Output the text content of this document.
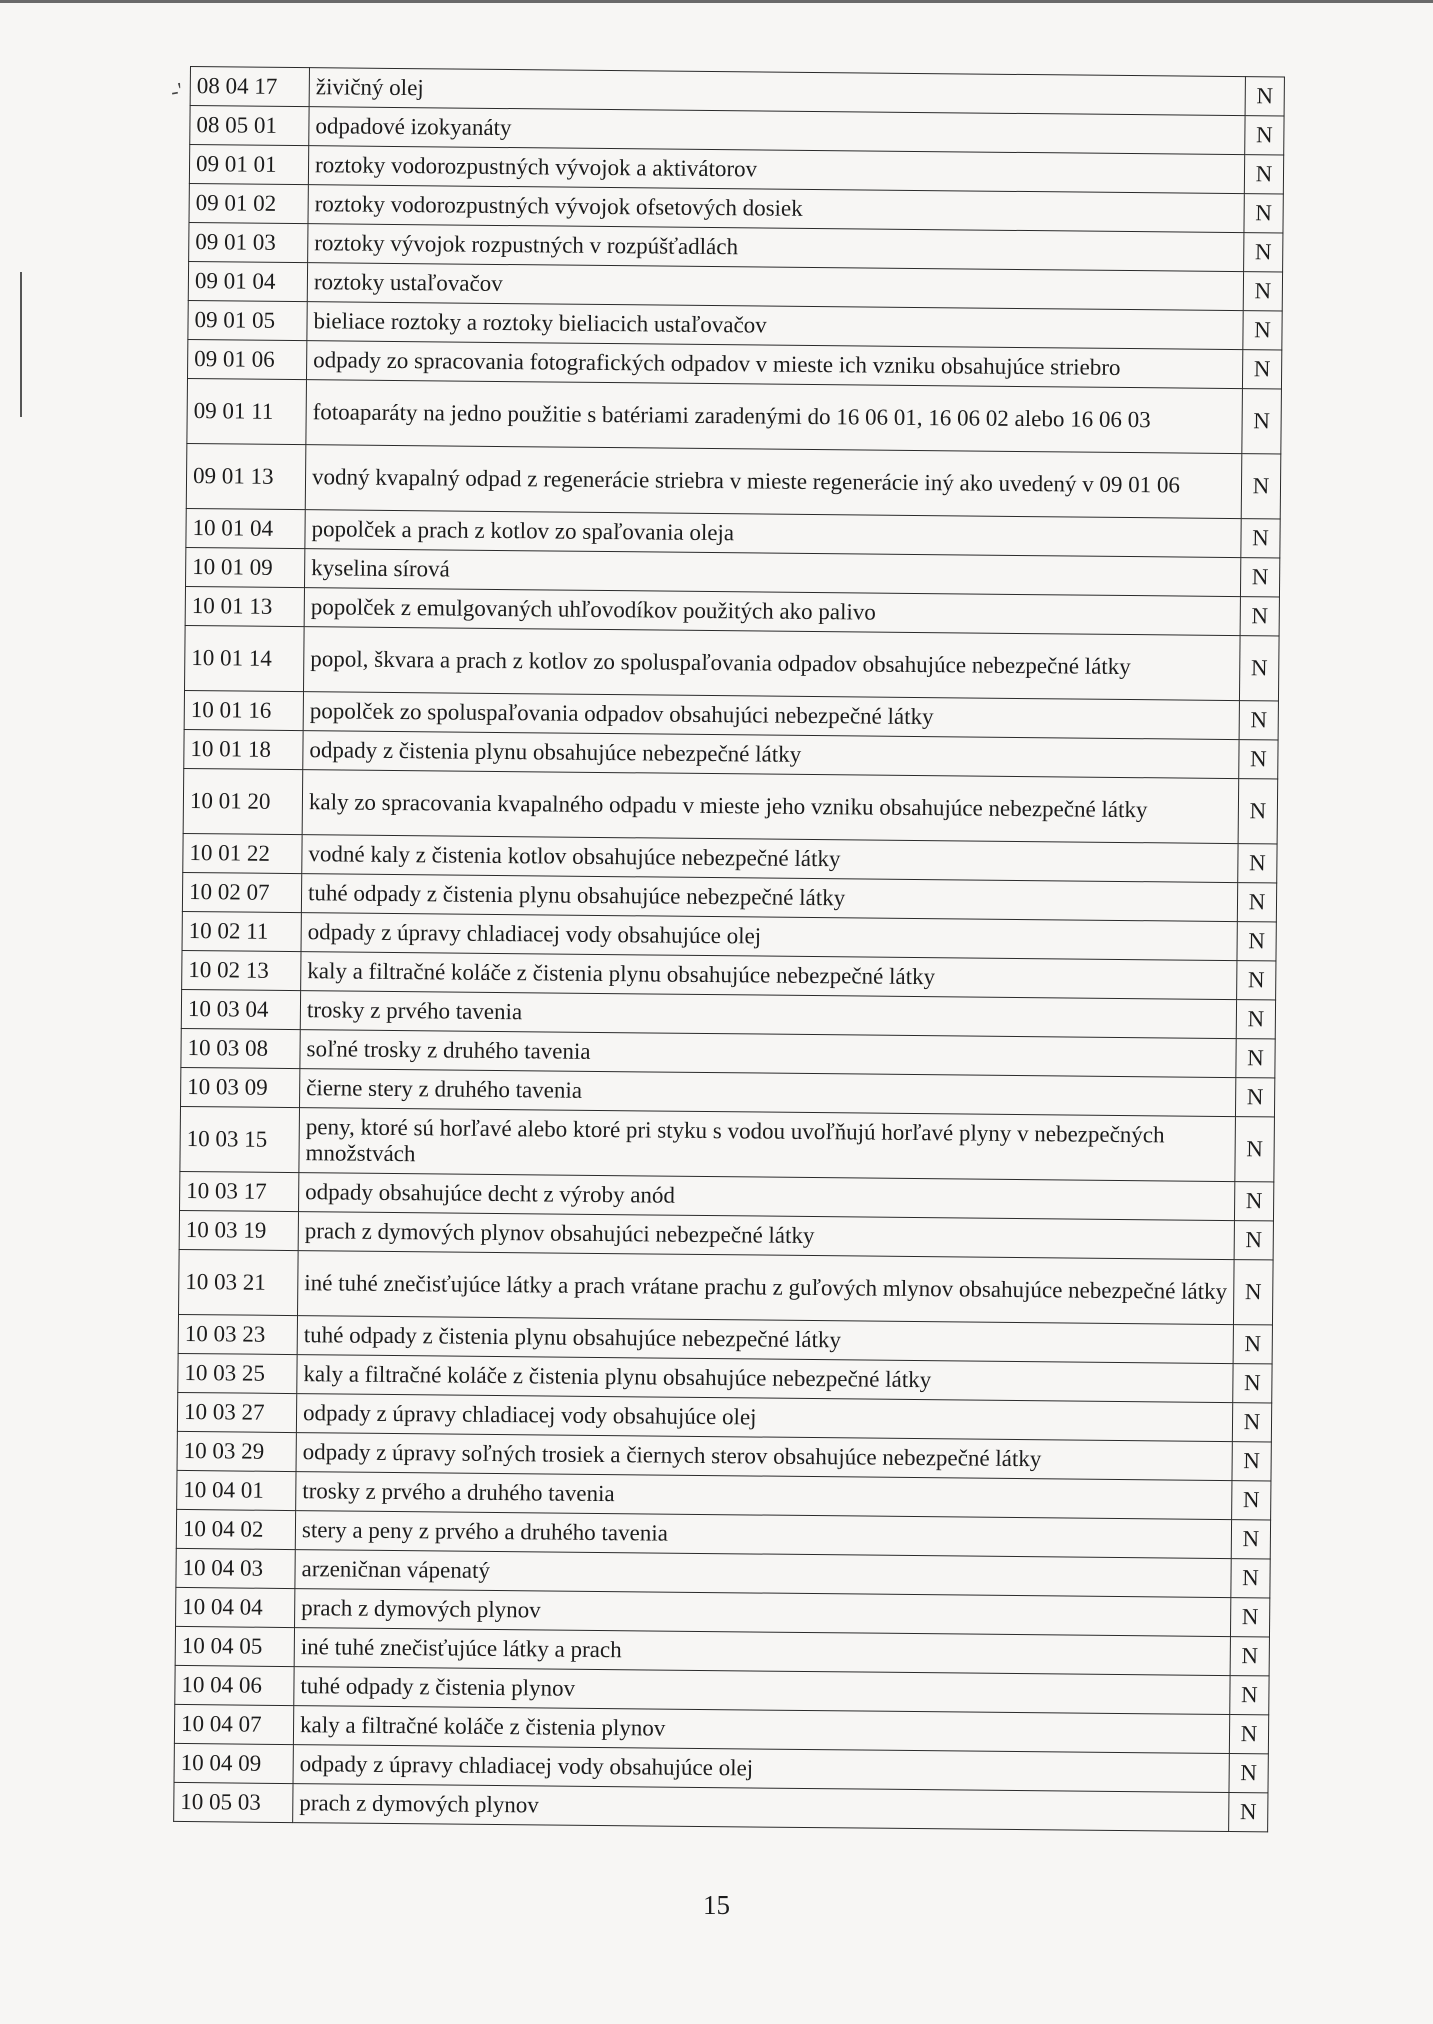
-' 08 04 17	živičný olej	N
08 05 01	odpadové izokyanáty	N
09 01 01	roztoky vodorozpustných vývojok a aktivátorov	N
09 01 02	roztoky vodorozpustných vývojok ofsetových dosiek	N
09 01 03	roztoky vývojok rozpustných v rozpúšťadlách	N
09 01 04	roztoky ustaľovačov	N
09 01 05	bieliace roztoky a roztoky bieliacich ustaľovačov	N
09 01 06	odpady zo spracovania fotografických odpadov v mieste ich vzniku obsahujúce striebro	N
09 01 11	fotoaparáty na jedno použitie s batériami zaradenými do 16 06 01, 16 06 02 alebo 16 06 03	N
09 01 13	vodný kvapalný odpad z regenerácie striebra v mieste regenerácie iný ako uvedený v 09 01 06	N
10 01 04	popolček a prach z kotlov zo spaľovania oleja	N
10 01 09	kyselina sírová	N
10 01 13	popolček z emulgovaných uhľovodíkov použitých ako palivo	N
10 01 14	popol, škvara a prach z kotlov zo spoluspaľovania odpadov obsahujúce nebezpečné látky	N
10 01 16	popolček zo spoluspaľovania odpadov obsahujúci nebezpečné látky	N
10 01 18	odpady z čistenia plynu obsahujúce nebezpečné látky	N
10 01 20	kaly zo spracovania kvapalného odpadu v mieste jeho vzniku obsahujúce nebezpečné látky	N
10 01 22	vodné kaly z čistenia kotlov obsahujúce nebezpečné látky	N
10 02 07	tuhé odpady z čistenia plynu obsahujúce nebezpečné látky	N
10 02 11	odpady z úpravy chladiacej vody obsahujúce olej	N
10 02 13	kaly a filtračné koláče z čistenia plynu obsahujúce nebezpečné látky	N
10 03 04	trosky z prvého tavenia	N
10 03 08	soľné trosky z druhého tavenia	N
10 03 09	čierne stery z druhého tavenia	N
10 03 15	peny, ktoré sú horľavé alebo ktoré pri styku s vodou uvoľňujú horľavé plyny v nebezpečných množstvách	N
10 03 17	odpady obsahujúce decht z výroby anód	N
10 03 19	prach z dymových plynov obsahujúci nebezpečné látky	N
10 03 21	iné tuhé znečisťujúce látky a prach vrátane prachu z guľových mlynov obsahujúce nebezpečné látky	N
10 03 23	tuhé odpady z čistenia plynu obsahujúce nebezpečné látky	N
10 03 25	kaly a filtračné koláče z čistenia plynu obsahujúce nebezpečné látky	N
10 03 27	odpady z úpravy chladiacej vody obsahujúce olej	N
10 03 29	odpady z úpravy soľných trosiek a čiernych sterov obsahujúce nebezpečné látky	N
10 04 01	trosky z prvého a druhého tavenia	N
10 04 02	stery a peny z prvého a druhého tavenia	N
10 04 03	arzeničnan vápenatý	N
10 04 04	prach z dymových plynov	N
10 04 05	iné tuhé znečisťujúce látky a prach	N
10 04 06	tuhé odpady z čistenia plynov	N
10 04 07	kaly a filtračné koláče z čistenia plynov	N
10 04 09	odpady z úpravy chladiacej vody obsahujúce olej	N
10 05 03	prach z dymových plynov	N
15
